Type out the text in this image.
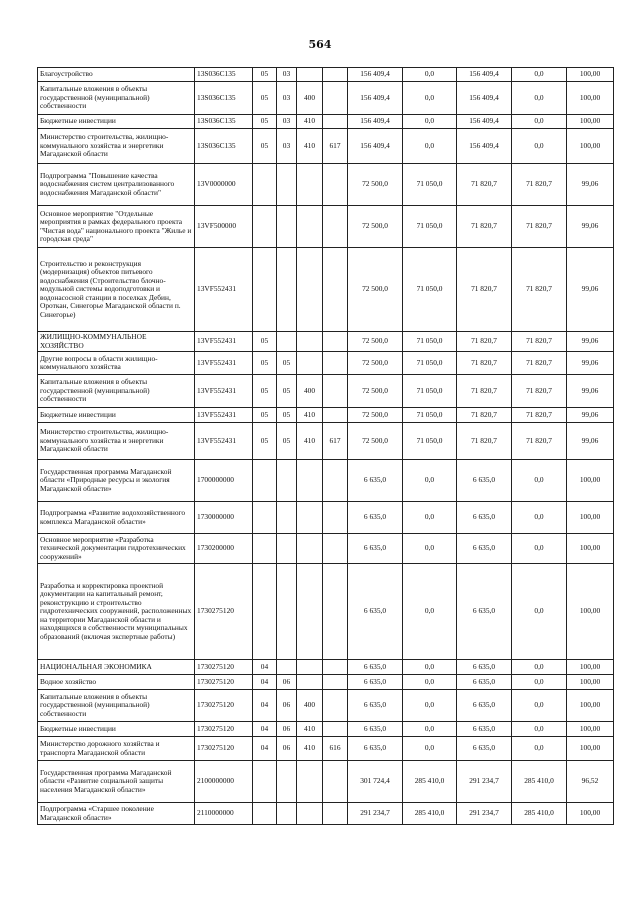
564
Благоустройство	13S036C135	05	03			156 409,4	0,0	156 409,4	0,0	100,00
Капитальные вложения в объекты государственной (муниципальной) собственности	13S036C135	05	03	400		156 409,4	0,0	156 409,4	0,0	100,00
Бюджетные инвестиции	13S036C135	05	03	410		156 409,4	0,0	156 409,4	0,0	100,00
Министерство строительства, жилищно-коммунального хозяйства и энергетики Магаданской области	13S036C135	05	03	410	617	156 409,4	0,0	156 409,4	0,0	100,00
Подпрограмма "Повышение качества водоснабжения систем централизованного водоснабжения Магаданской области"	13V0000000					72 500,0	71 050,0	71 820,7	71 820,7	99,06
Основное мероприятие "Отдельные мероприятия в рамках федерального проекта "Чистая вода" национального проекта "Жилье и городская среда"	13VF500000					72 500,0	71 050,0	71 820,7	71 820,7	99,06
Строительство и реконструкция (модернизация) объектов питьевого водоснабжения (Строительство блочно-модульной системы водоподготовки и водонасосной станции в поселках Дебин, Ороткан, Синегорье Магаданской области п. Синегорье)	13VF552431					72 500,0	71 050,0	71 820,7	71 820,7	99,06
ЖИЛИЩНО-КОММУНАЛЬНОЕ ХОЗЯЙСТВО	13VF552431	05				72 500,0	71 050,0	71 820,7	71 820,7	99,06
Другие вопросы в области жилищно-коммунального хозяйства	13VF552431	05	05			72 500,0	71 050,0	71 820,7	71 820,7	99,06
Капитальные вложения в объекты государственной (муниципальной) собственности	13VF552431	05	05	400		72 500,0	71 050,0	71 820,7	71 820,7	99,06
Бюджетные инвестиции	13VF552431	05	05	410		72 500,0	71 050,0	71 820,7	71 820,7	99,06
Министерство строительства, жилищно-коммунального хозяйства и энергетики Магаданской области	13VF552431	05	05	410	617	72 500,0	71 050,0	71 820,7	71 820,7	99,06
Государственная программа Магаданской области «Природные ресурсы и экология Магаданской области»	1700000000					6 635,0	0,0	6 635,0	0,0	100,00
Подпрограмма «Развитие водохозяйственного комплекса Магаданской области»	1730000000					6 635,0	0,0	6 635,0	0,0	100,00
Основное мероприятие «Разработка технической документации гидротехнических сооружений»	1730200000					6 635,0	0,0	6 635,0	0,0	100,00
Разработка и корректировка проектной документации на капитальный ремонт, реконструкцию и строительство гидротехнических сооружений, расположенных на территории Магаданской области и находящихся в собственности муниципальных образований (включая экспертные работы)	1730275120					6 635,0	0,0	6 635,0	0,0	100,00
НАЦИОНАЛЬНАЯ ЭКОНОМИКА	1730275120	04				6 635,0	0,0	6 635,0	0,0	100,00
Водное хозяйство	1730275120	04	06			6 635,0	0,0	6 635,0	0,0	100,00
Капитальные вложения в объекты государственной (муниципальной) собственности	1730275120	04	06	400		6 635,0	0,0	6 635,0	0,0	100,00
Бюджетные инвестиции	1730275120	04	06	410		6 635,0	0,0	6 635,0	0,0	100,00
Министерство дорожного хозяйства и транспорта Магаданской области	1730275120	04	06	410	616	6 635,0	0,0	6 635,0	0,0	100,00
Государственная программа Магаданской области «Развитие социальной защиты населения Магаданской области»	2100000000					301 724,4	285 410,0	291 234,7	285 410,0	96,52
Подпрограмма «Старшее поколение Магаданской области»	2110000000					291 234,7	285 410,0	291 234,7	285 410,0	100,00
